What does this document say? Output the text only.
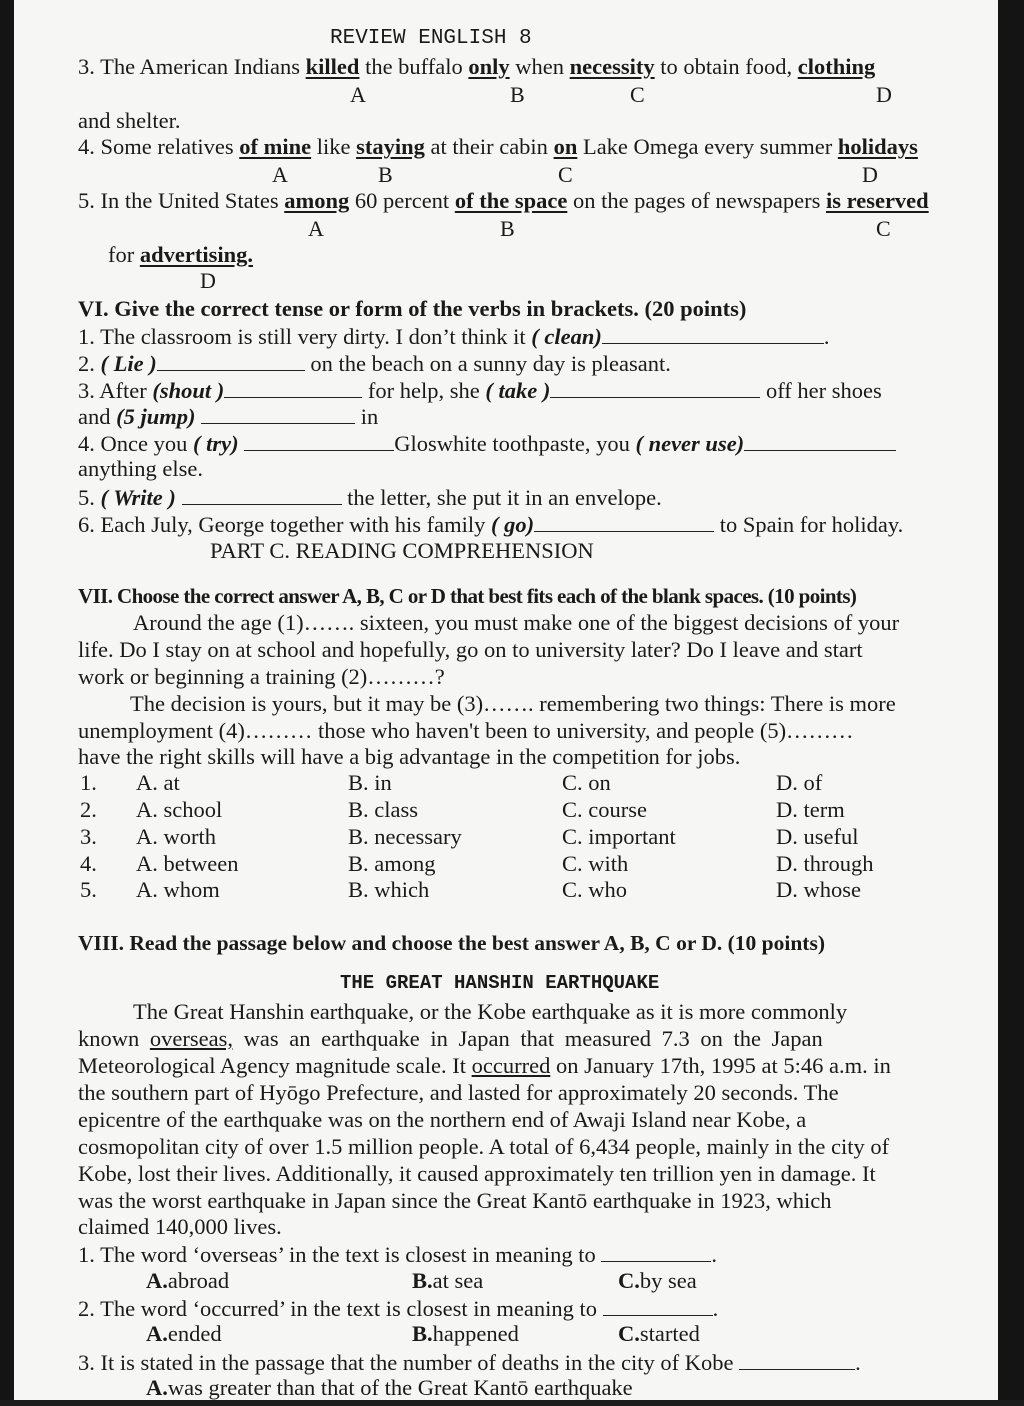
REVIEW ENGLISH 8
3. The American Indians killed the buffalo only when necessity to obtain food, clothing
A	B	C	D
and shelter.
4. Some relatives of mine like staying at their cabin on Lake Omega every summer holidays
A	B	C	D
5. In the United States among 60 percent of the space on the pages of newspapers is reserved
A	B	C
for advertising.
D
VI. Give the correct tense or form of the verbs in brackets. (20 points)
1. The classroom is still very dirty. I don’t think it ( clean)	.
2. ( Lie )	on the beach on a sunny day is pleasant.
3. After (shout )	for help, she ( take )	off her shoes
and (5 jump)	in
4. Once you ( try)	Gloswhite toothpaste, you ( never use)
anything else.
5. ( Write )	the letter, she put it in an envelope.
6. Each July, George together with his family ( go)	to Spain for holiday.
PART C. READING COMPREHENSION
VII. Choose the correct answer A, B, C or D that best fits each of the blank spaces. (10 points)
Around the age (1)……. sixteen, you must make one of the biggest decisions of your
life. Do I stay on at school and hopefully, go on to university later? Do I leave and start
work or beginning a training (2)………?
The decision is yours, but it may be (3)……. remembering two things: There is more
unemployment (4)……… those who haven't been to university, and people (5)………
have the right skills will have a big advantage in the competition for jobs.
1. A. at	B. in	C. on	D. of
2. A. school	B. class	C. course	D. term
3. A. worth	B. necessary	C. important	D. useful
4. A. between	B. among	C. with	D. through
5. A. whom	B. which	C. who	D. whose
VIII. Read the passage below and choose the best answer A, B, C or D. (10 points)
THE GREAT HANSHIN EARTHQUAKE
The Great Hanshin earthquake, or the Kobe earthquake as it is more commonly
known overseas, was an earthquake in Japan that measured 7.3 on the Japan
Meteorological Agency magnitude scale. It occurred on January 17th, 1995 at 5:46 a.m. in
the southern part of Hyōgo Prefecture, and lasted for approximately 20 seconds. The
epicentre of the earthquake was on the northern end of Awaji Island near Kobe, a
cosmopolitan city of over 1.5 million people. A total of 6,434 people, mainly in the city of
Kobe, lost their lives. Additionally, it caused approximately ten trillion yen in damage. It
was the worst earthquake in Japan since the Great Kantō earthquake in 1923, which
claimed 140,000 lives.
1. The word ‘overseas’ in the text is closest in meaning to	.
A.abroad	B.at sea	C.by sea
2. The word ‘occurred’ in the text is closest in meaning to	.
A.ended	B.happened	C.started
3. It is stated in the passage that the number of deaths in the city of Kobe	.
A.was greater than that of the Great Kantō earthquake
